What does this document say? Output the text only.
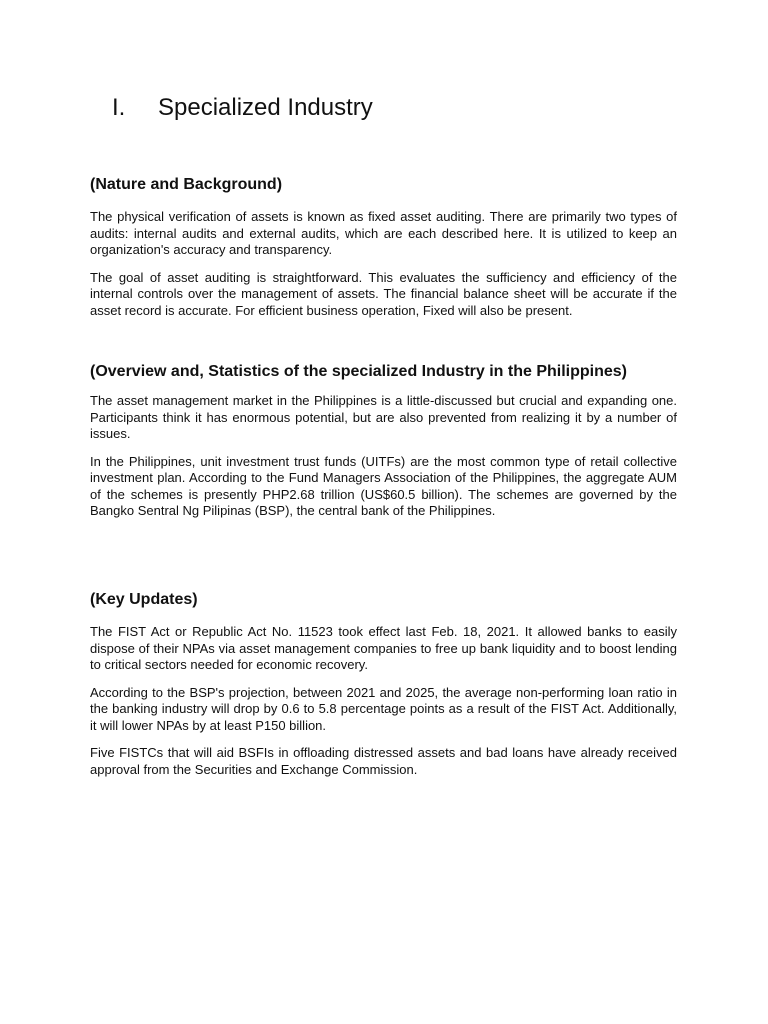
I.	Specialized Industry
(Nature and Background)

The physical verification of assets is known as fixed asset auditing. There are primarily two types of audits: internal audits and external audits, which are each described here. It is utilized to keep an organization's accuracy and transparency.

The goal of asset auditing is straightforward. This evaluates the sufficiency and efficiency of the internal controls over the management of assets. The financial balance sheet will be accurate if the asset record is accurate. For efficient business operation, Fixed will also be present.

(Overview and, Statistics of the specialized Industry in the Philippines)

The asset management market in the Philippines is a little-discussed but crucial and expanding one. Participants think it has enormous potential, but are also prevented from realizing it by a number of issues.

In the Philippines, unit investment trust funds (UITFs) are the most common type of retail collective investment plan. According to the Fund Managers Association of the Philippines, the aggregate AUM of the schemes is presently PHP2.68 trillion (US$60.5 billion). The schemes are governed by the Bangko Sentral Ng Pilipinas (BSP), the central bank of the Philippines.

(Key Updates)

The FIST Act or Republic Act No. 11523 took effect last Feb. 18, 2021. It allowed banks to easily dispose of their NPAs via asset management companies to free up bank liquidity and to boost lending to critical sectors needed for economic recovery.

According to the BSP's projection, between 2021 and 2025, the average non-performing loan ratio in the banking industry will drop by 0.6 to 5.8 percentage points as a result of the FIST Act. Additionally, it will lower NPAs by at least P150 billion.

Five FISTCs that will aid BSFIs in offloading distressed assets and bad loans have already received approval from the Securities and Exchange Commission.
